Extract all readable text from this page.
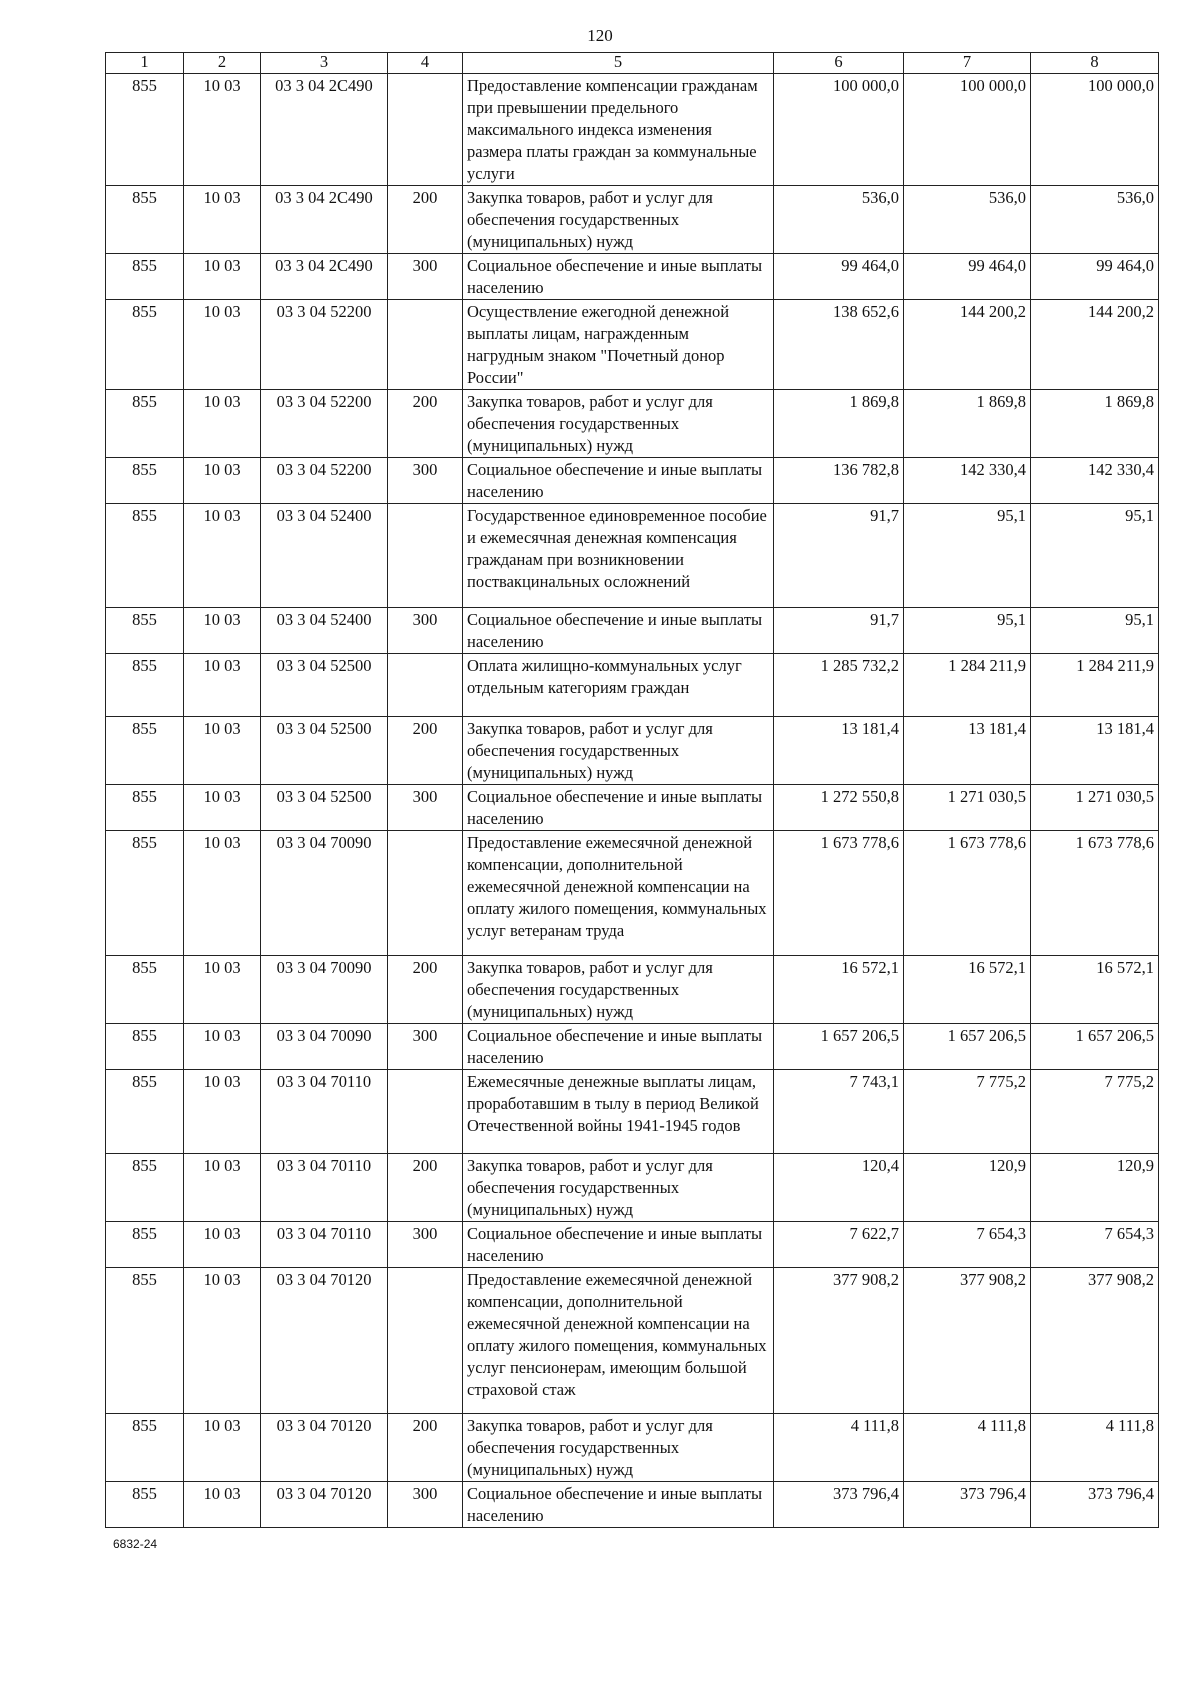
120
1	2	3	4	5	6	7	8
855	10 03	03 3 04 2C490		Предоставление компенсации гражданам при превышении предельного максимального индекса изменения размера платы граждан за коммунальные услуги	100 000,0	100 000,0	100 000,0
855	10 03	03 3 04 2C490	200	Закупка товаров, работ и услуг для обеспечения государственных (муниципальных) нужд	536,0	536,0	536,0
855	10 03	03 3 04 2C490	300	Социальное обеспечение и иные выплаты населению	99 464,0	99 464,0	99 464,0
855	10 03	03 3 04 52200		Осуществление ежегодной денежной выплаты лицам, награжденным нагрудным знаком "Почетный донор России"	138 652,6	144 200,2	144 200,2
855	10 03	03 3 04 52200	200	Закупка товаров, работ и услуг для обеспечения государственных (муниципальных) нужд	1 869,8	1 869,8	1 869,8
855	10 03	03 3 04 52200	300	Социальное обеспечение и иные выплаты населению	136 782,8	142 330,4	142 330,4
855	10 03	03 3 04 52400		Государственное единовременное пособие и ежемесячная денежная компенсация гражданам при возникновении поствакцинальных осложнений	91,7	95,1	95,1
855	10 03	03 3 04 52400	300	Социальное обеспечение и иные выплаты населению	91,7	95,1	95,1
855	10 03	03 3 04 52500		Оплата жилищно-коммунальных услуг отдельным категориям граждан	1 285 732,2	1 284 211,9	1 284 211,9
855	10 03	03 3 04 52500	200	Закупка товаров, работ и услуг для обеспечения государственных (муниципальных) нужд	13 181,4	13 181,4	13 181,4
855	10 03	03 3 04 52500	300	Социальное обеспечение и иные выплаты населению	1 272 550,8	1 271 030,5	1 271 030,5
855	10 03	03 3 04 70090		Предоставление ежемесячной денежной компенсации, дополнительной ежемесячной денежной компенсации на оплату жилого помещения, коммунальных услуг ветеранам труда	1 673 778,6	1 673 778,6	1 673 778,6
855	10 03	03 3 04 70090	200	Закупка товаров, работ и услуг для обеспечения государственных (муниципальных) нужд	16 572,1	16 572,1	16 572,1
855	10 03	03 3 04 70090	300	Социальное обеспечение и иные выплаты населению	1 657 206,5	1 657 206,5	1 657 206,5
855	10 03	03 3 04 70110		Ежемесячные денежные выплаты лицам, проработавшим в тылу в период Великой Отечественной войны 1941-1945 годов	7 743,1	7 775,2	7 775,2
855	10 03	03 3 04 70110	200	Закупка товаров, работ и услуг для обеспечения государственных (муниципальных) нужд	120,4	120,9	120,9
855	10 03	03 3 04 70110	300	Социальное обеспечение и иные выплаты населению	7 622,7	7 654,3	7 654,3
855	10 03	03 3 04 70120		Предоставление ежемесячной денежной компенсации, дополнительной ежемесячной денежной компенсации на оплату жилого помещения, коммунальных услуг пенсионерам, имеющим большой страховой стаж	377 908,2	377 908,2	377 908,2
855	10 03	03 3 04 70120	200	Закупка товаров, работ и услуг для обеспечения государственных (муниципальных) нужд	4 111,8	4 111,8	4 111,8
855	10 03	03 3 04 70120	300	Социальное обеспечение и иные выплаты населению	373 796,4	373 796,4	373 796,4
6832-24
